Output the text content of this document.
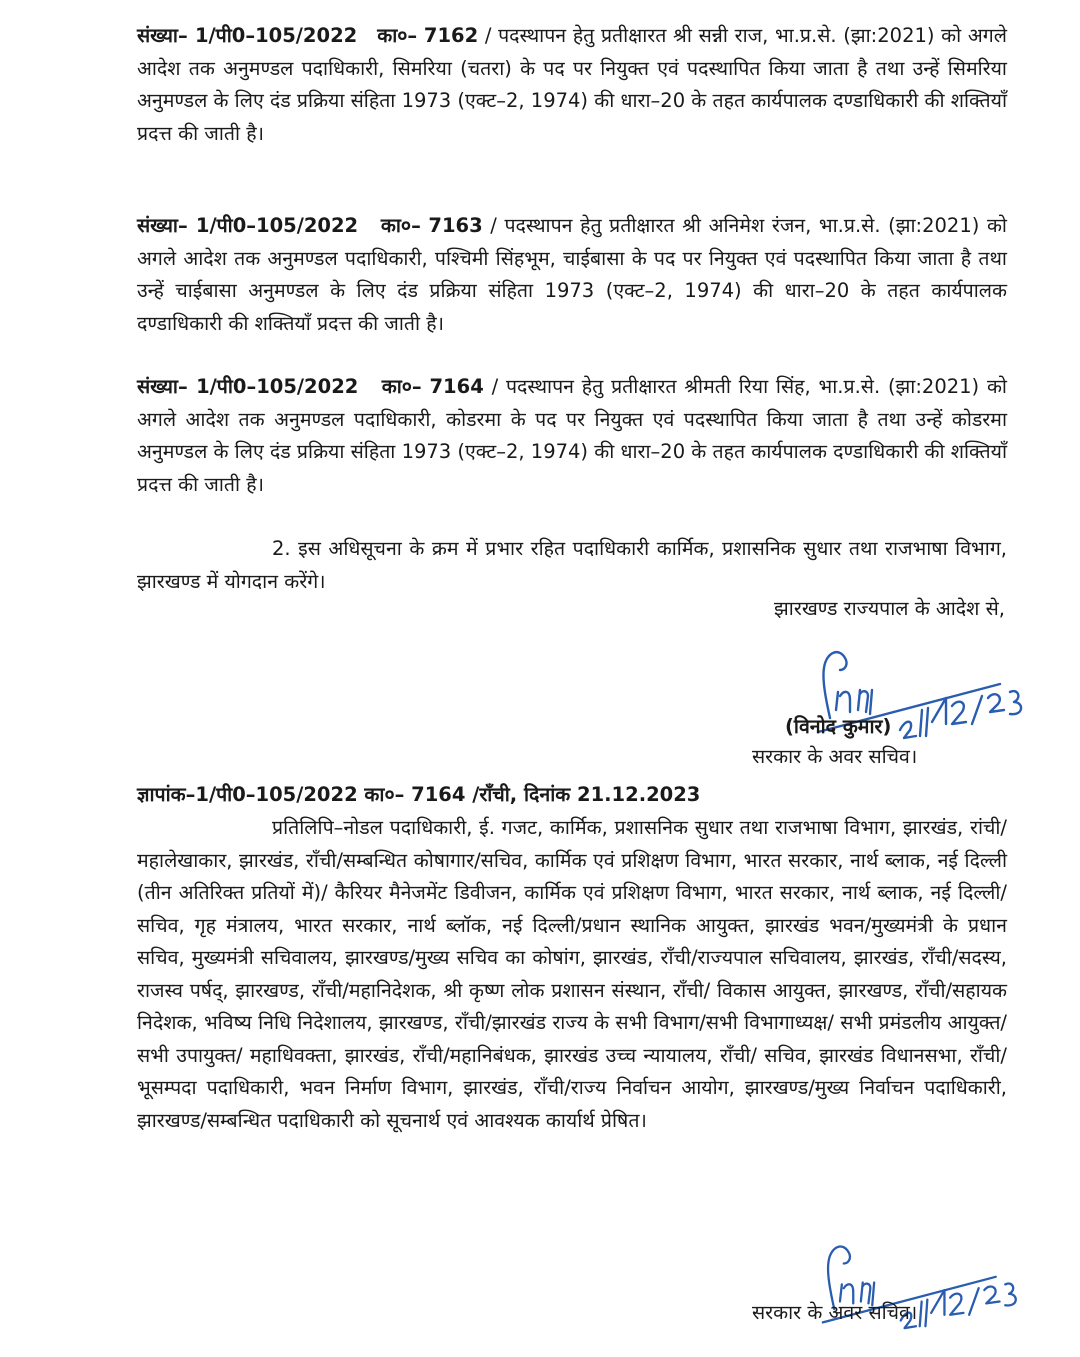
संख्या– 1/पी0–105/2022 का०– 7162 / पदस्थापन हेतु प्रतीक्षारत श्री सन्नी राज, भा.प्र.से. (झा:2021) को अगले आदेश तक अनुमण्डल पदाधिकारी, सिमरिया (चतरा) के पद पर नियुक्त एवं पदस्थापित किया जाता है तथा उन्हें सिमरिया अनुमण्डल के लिए दंड प्रक्रिया संहिता 1973 (एक्ट–2, 1974) की धारा–20 के तहत कार्यपालक दण्डाधिकारी की शक्तियाँ प्रदत्त की जाती है।

संख्या– 1/पी0–105/2022 का०– 7163 / पदस्थापन हेतु प्रतीक्षारत श्री अनिमेश रंजन, भा.प्र.से. (झा:2021) को अगले आदेश तक अनुमण्डल पदाधिकारी, पश्चिमी सिंहभूम, चाईबासा के पद पर नियुक्त एवं पदस्थापित किया जाता है तथा उन्हें चाईबासा अनुमण्डल के लिए दंड प्रक्रिया संहिता 1973 (एक्ट–2, 1974) की धारा–20 के तहत कार्यपालक दण्डाधिकारी की शक्तियाँ प्रदत्त की जाती है।

संख्या– 1/पी0–105/2022 का०– 7164 / पदस्थापन हेतु प्रतीक्षारत श्रीमती रिया सिंह, भा.प्र.से. (झा:2021) को अगले आदेश तक अनुमण्डल पदाधिकारी, कोडरमा के पद पर नियुक्त एवं पदस्थापित किया जाता है तथा उन्हें कोडरमा अनुमण्डल के लिए दंड प्रक्रिया संहिता 1973 (एक्ट–2, 1974) की धारा–20 के तहत कार्यपालक दण्डाधिकारी की शक्तियाँ प्रदत्त की जाती है।

2. इस अधिसूचना के क्रम में प्रभार रहित पदाधिकारी कार्मिक, प्रशासनिक सुधार तथा राजभाषा विभाग, झारखण्ड में योगदान करेंगे।

झारखण्ड राज्यपाल के आदेश से,
(विनोद कुमार)
सरकार के अवर सचिव।
ज्ञापांक–1/पी0–105/2022 का०– 7164 /राँची, दिनांक 21.12.2023

प्रतिलिपि–नोडल पदाधिकारी, ई. गजट, कार्मिक, प्रशासनिक सुधार तथा राजभाषा विभाग, झारखंड, रांची/महालेखाकार, झारखंड, राँची/सम्बन्धित कोषागार/सचिव, कार्मिक एवं प्रशिक्षण विभाग, भारत सरकार, नार्थ ब्लाक, नई दिल्ली (तीन अतिरिक्त प्रतियों में)/ कैरियर मैनेजमेंट डिवीजन, कार्मिक एवं प्रशिक्षण विभाग, भारत सरकार, नार्थ ब्लाक, नई दिल्ली/सचिव, गृह मंत्रालय, भारत सरकार, नार्थ ब्लॉक, नई दिल्ली/प्रधान स्थानिक आयुक्त, झारखंड भवन/मुख्यमंत्री के प्रधान सचिव, मुख्यमंत्री सचिवालय, झारखण्ड/मुख्य सचिव का कोषांग, झारखंड, राँची/राज्यपाल सचिवालय, झारखंड, राँची/सदस्य, राजस्व पर्षद्, झारखण्ड, राँची/महानिदेशक, श्री कृष्ण लोक प्रशासन संस्थान, राँची/ विकास आयुक्त, झारखण्ड, राँची/सहायक निदेशक, भविष्य निधि निदेशालय, झारखण्ड, राँची/झारखंड राज्य के सभी विभाग/सभी विभागाध्यक्ष/ सभी प्रमंडलीय आयुक्त/सभी उपायुक्त/ महाधिवक्ता, झारखंड, राँची/महानिबंधक, झारखंड उच्च न्यायालय, राँची/ सचिव, झारखंड विधानसभा, राँची/ भूसम्पदा पदाधिकारी, भवन निर्माण विभाग, झारखंड, राँची/राज्य निर्वाचन आयोग, झारखण्ड/मुख्य निर्वाचन पदाधिकारी, झारखण्ड/सम्बन्धित पदाधिकारी को सूचनार्थ एवं आवश्यक कार्यार्थ प्रेषित।

सरकार के अवर सचिव।
